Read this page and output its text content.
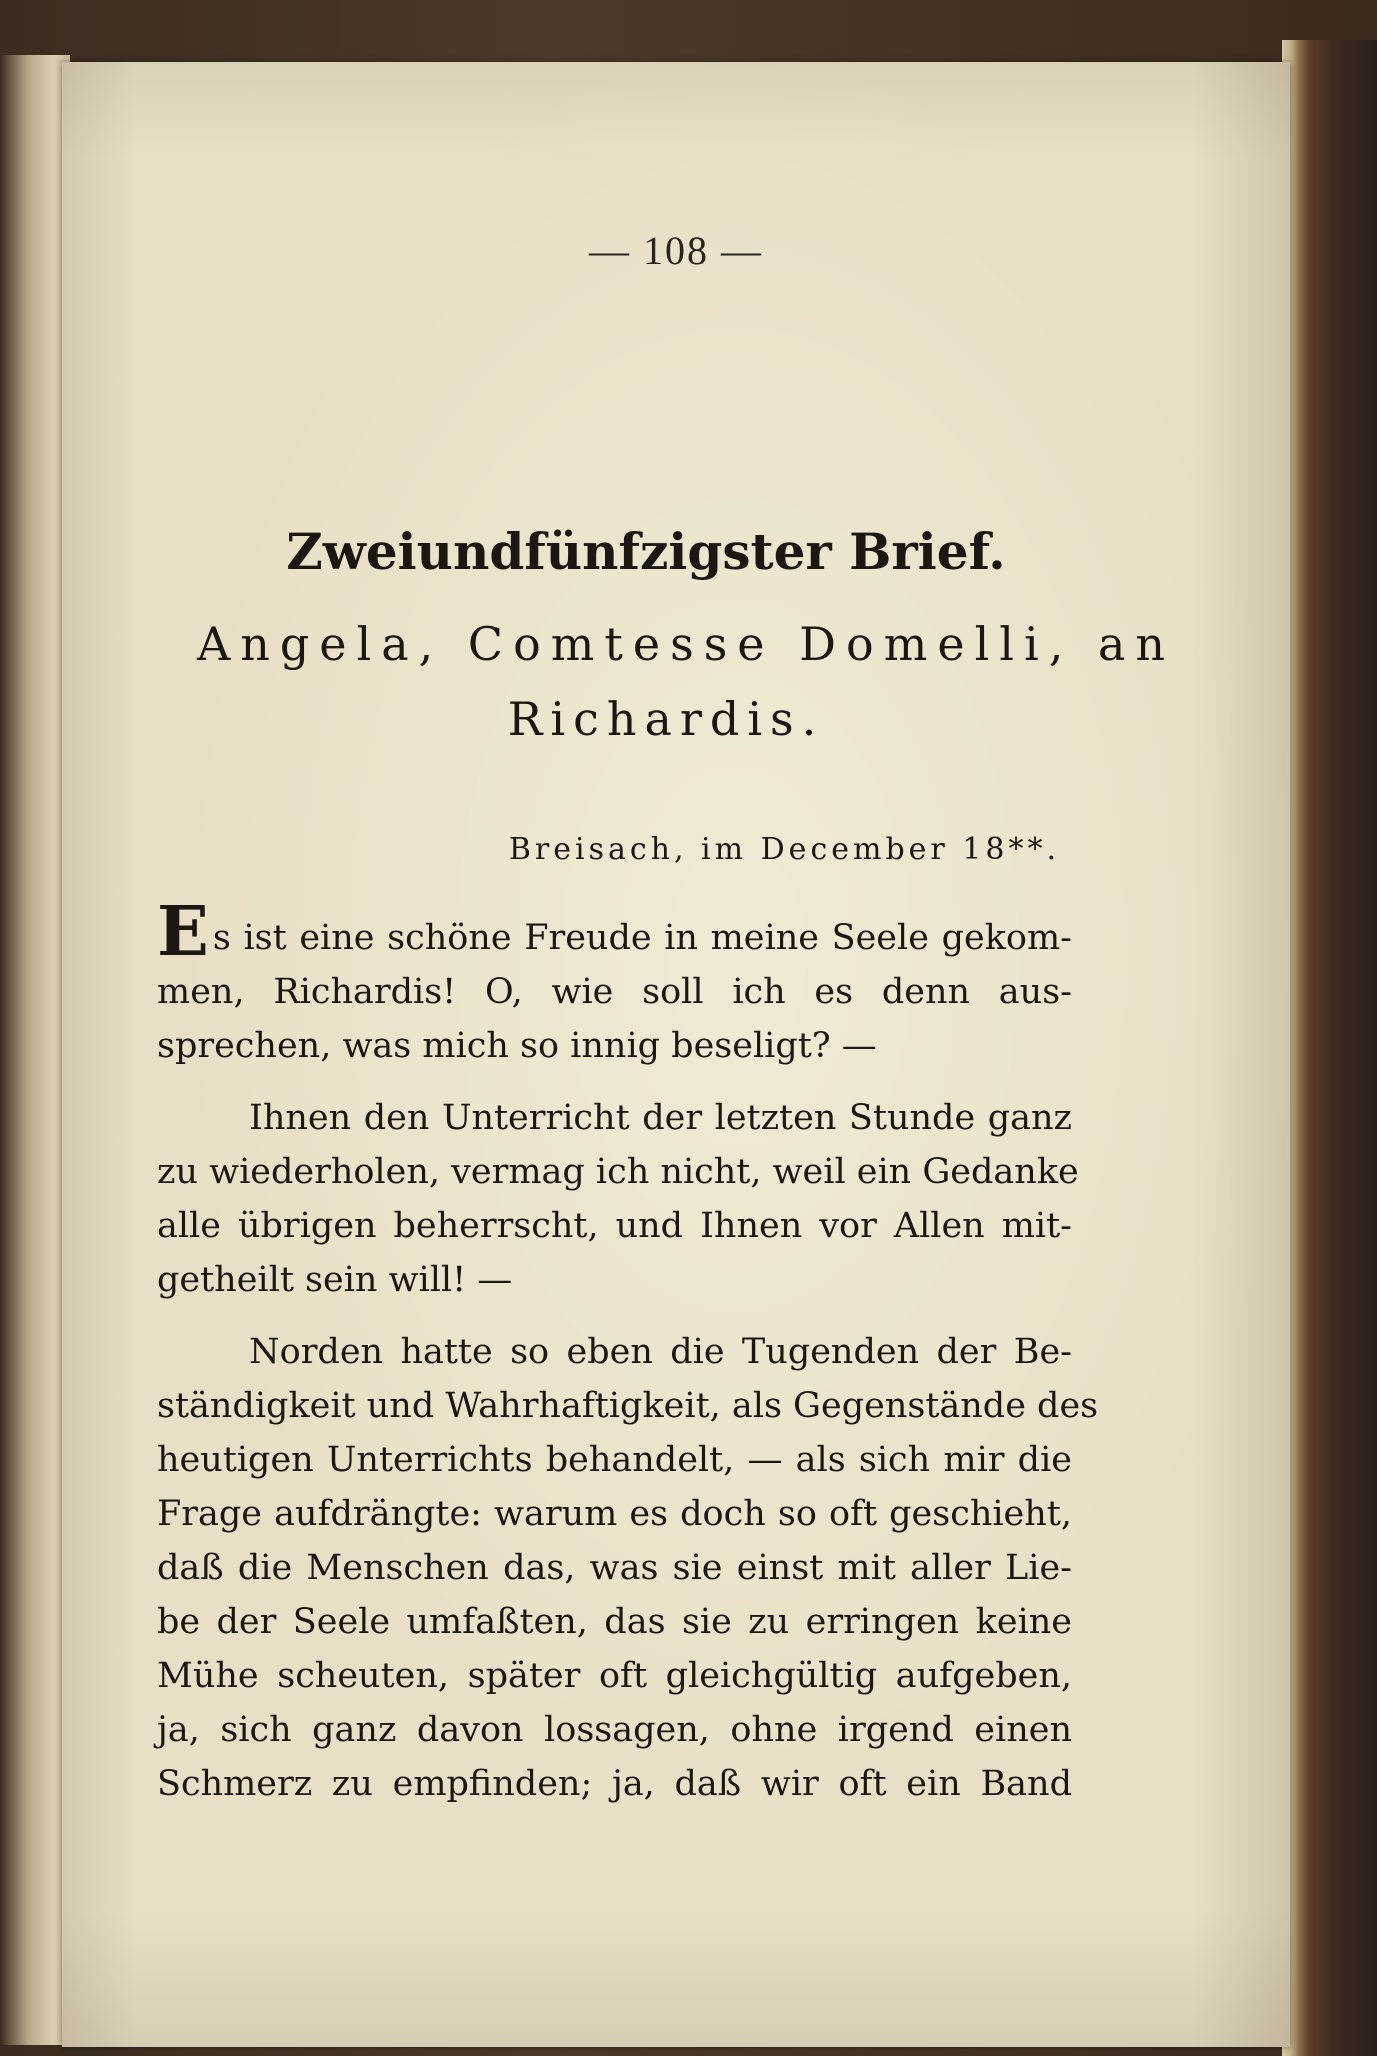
— 108 —
Zweiundfünfzigster Brief.
Angela, Comtesse Domelli, an
Richardis.
Breisach, im December 18**.
Es ist eine schöne Freude in meine Seele gekom-
men, Richardis! O, wie soll ich es denn aus-
sprechen, was mich so innig beseligt? —
Ihnen den Unterricht der letzten Stunde ganz
zu wiederholen, vermag ich nicht, weil ein Gedanke
alle übrigen beherrscht, und Ihnen vor Allen mit-
getheilt sein will! —
Norden hatte so eben die Tugenden der Be-
ständigkeit und Wahrhaftigkeit, als Gegenstände des
heutigen Unterrichts behandelt, — als sich mir die
Frage aufdrängte: warum es doch so oft geschieht,
daß die Menschen das, was sie einst mit aller Lie-
be der Seele umfaßten, das sie zu erringen keine
Mühe scheuten, später oft gleichgültig aufgeben,
ja, sich ganz davon lossagen, ohne irgend einen
Schmerz zu empfinden; ja, daß wir oft ein Band
